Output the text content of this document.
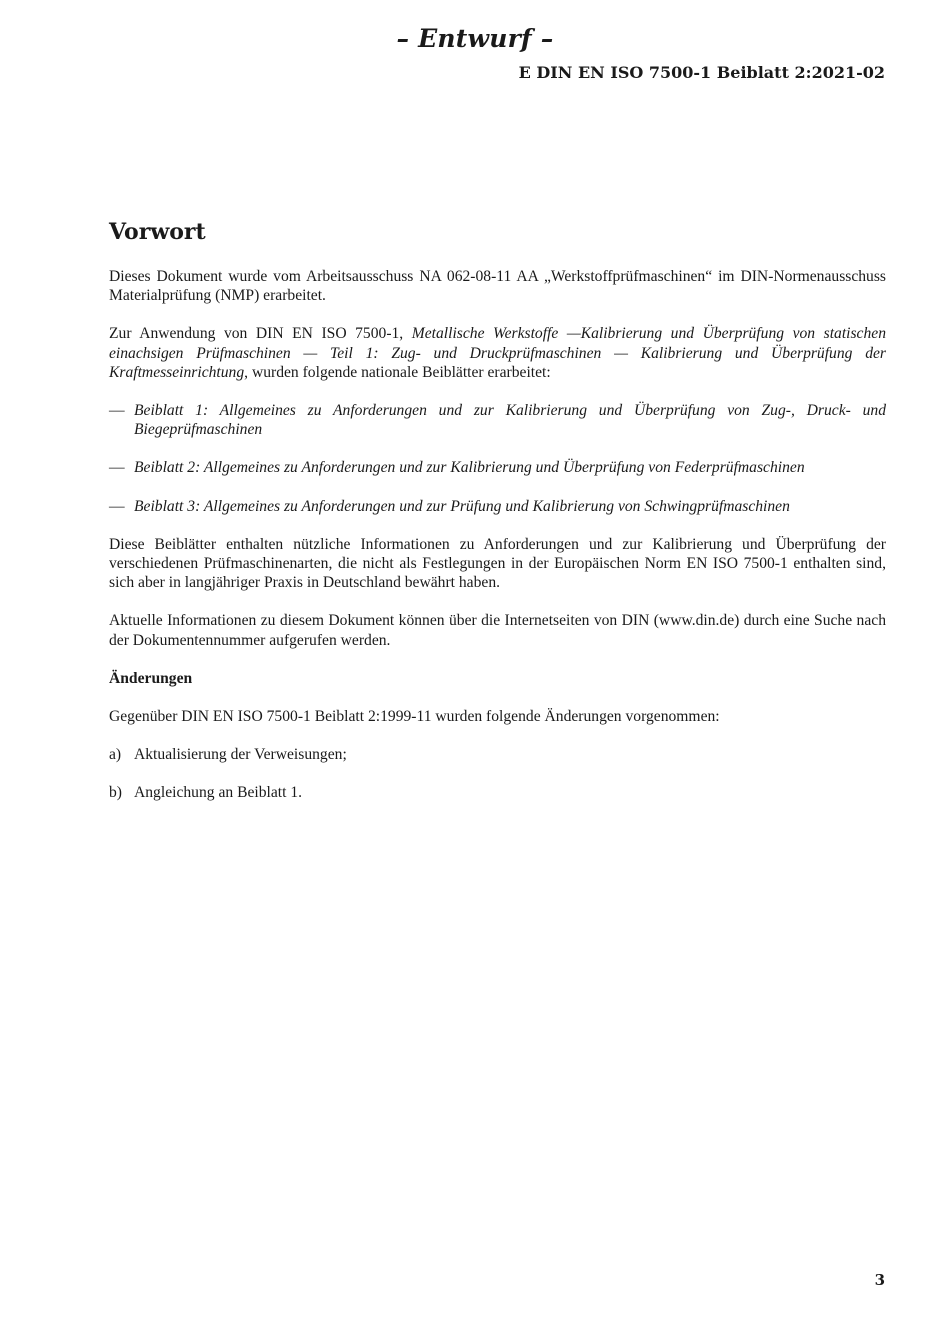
– Entwurf –
E DIN EN ISO 7500-1 Beiblatt 2:2021-02
Vorwort

Dieses Dokument wurde vom Arbeitsausschuss NA 062-08-11 AA „Werkstoffprüfmaschinen“ im DIN-Normenausschuss Materialprüfung (NMP) erarbeitet.

Zur Anwendung von DIN EN ISO 7500-1, Metallische Werkstoffe —Kalibrierung und Überprüfung von statischen einachsigen Prüfmaschinen — Teil 1: Zug- und Druckprüfmaschinen — Kalibrierung und Überprüfung der Kraftmesseinrichtung, wurden folgende nationale Beiblätter erarbeitet:

— Beiblatt 1: Allgemeines zu Anforderungen und zur Kalibrierung und Überprüfung von Zug-, Druck- und Biegeprüfmaschinen
— Beiblatt 2: Allgemeines zu Anforderungen und zur Kalibrierung und Überprüfung von Federprüfmaschinen
— Beiblatt 3: Allgemeines zu Anforderungen und zur Prüfung und Kalibrierung von Schwingprüfmaschinen

Diese Beiblätter enthalten nützliche Informationen zu Anforderungen und zur Kalibrierung und Überprüfung der verschiedenen Prüfmaschinenarten, die nicht als Festlegungen in der Europäischen Norm EN ISO 7500-1 enthalten sind, sich aber in langjähriger Praxis in Deutschland bewährt haben.

Aktuelle Informationen zu diesem Dokument können über die Internetseiten von DIN (www.din.de) durch eine Suche nach der Dokumentennummer aufgerufen werden.

Änderungen

Gegenüber DIN EN ISO 7500-1 Beiblatt 2:1999-11 wurden folgende Änderungen vorgenommen:

a) Aktualisierung der Verweisungen;
b) Angleichung an Beiblatt 1.
3
